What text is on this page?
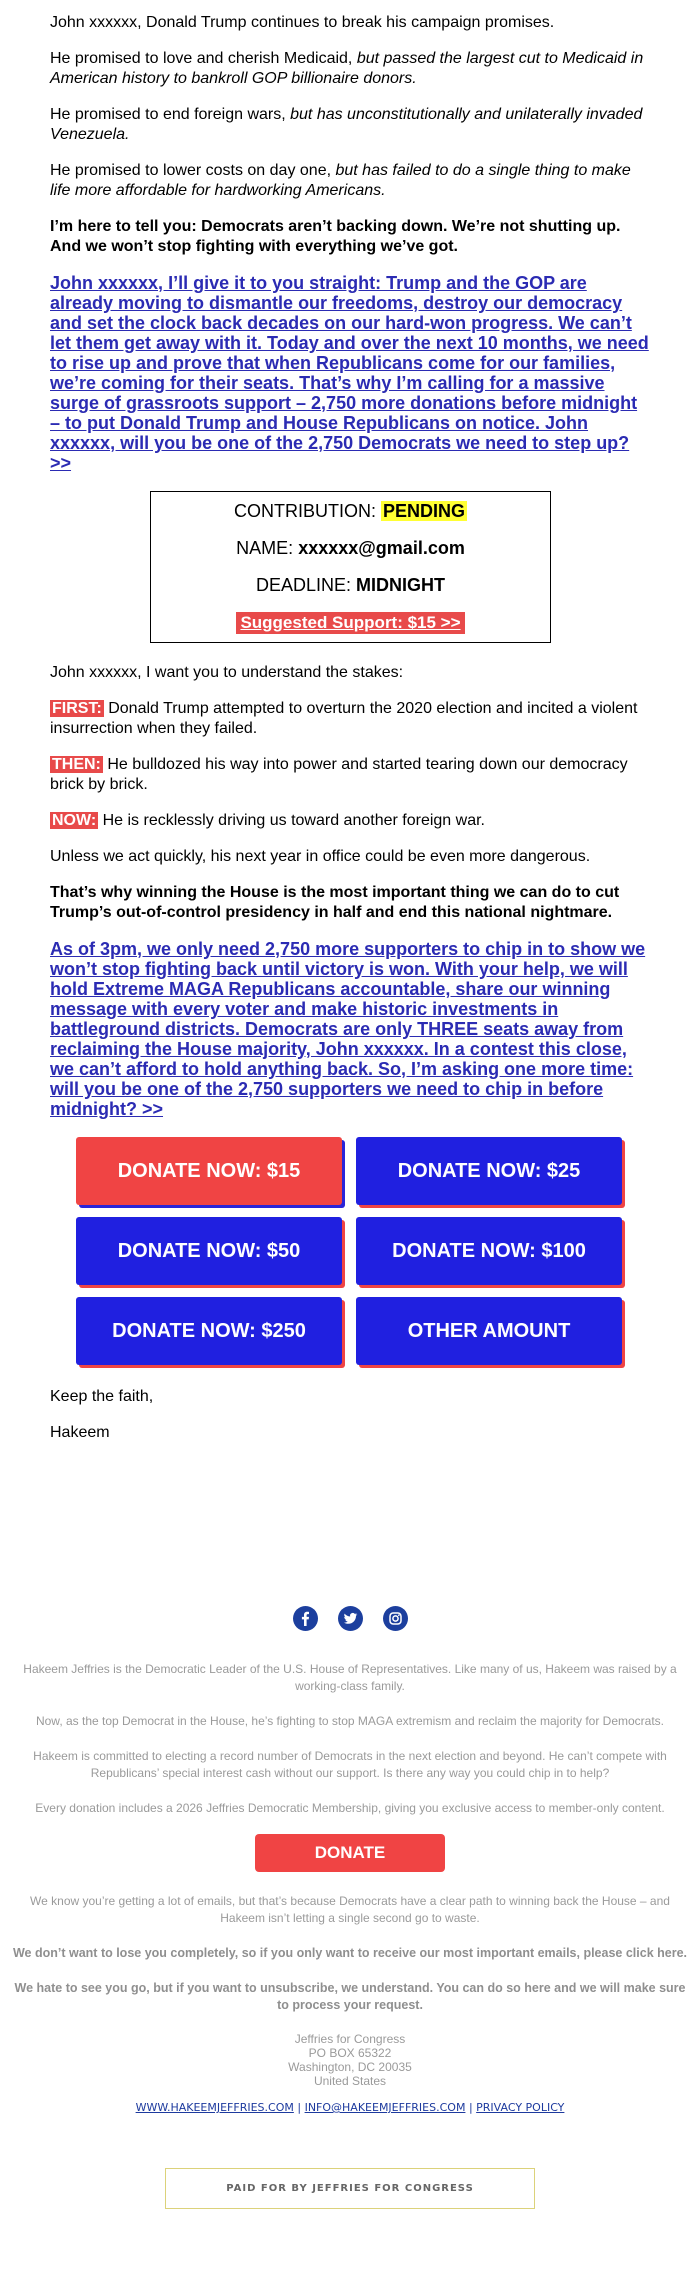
John xxxxxx, Donald Trump continues to break his campaign promises.

He promised to love and cherish Medicaid, but passed the largest cut to Medicaid in American history to bankroll GOP billionaire donors.

He promised to end foreign wars, but has unconstitutionally and unilaterally invaded Venezuela.

He promised to lower costs on day one, but has failed to do a single thing to make life more affordable for hardworking Americans.

I’m here to tell you: Democrats aren’t backing down. We’re not shutting up. And we won’t stop fighting with everything we’ve got.

John xxxxxx, I’ll give it to you straight: Trump and the GOP are already moving to dismantle our freedoms, destroy our democracy and set the clock back decades on our hard-won progress. We can’t let them get away with it. Today and over the next 10 months, we need to rise up and prove that when Republicans come for our families, we’re coming for their seats. That’s why I’m calling for a massive surge of grassroots support – 2,750 more donations before midnight – to put Donald Trump and House Republicans on notice. John xxxxxx, will you be one of the 2,750 Democrats we need to step up? >>
CONTRIBUTION: PENDING
NAME: xxxxxx@gmail.com
DEADLINE: MIDNIGHT
Suggested Support: $15 >>

John xxxxxx, I want you to understand the stakes:

FIRST: Donald Trump attempted to overturn the 2020 election and incited a violent insurrection when they failed.

THEN: He bulldozed his way into power and started tearing down our democracy brick by brick.

NOW: He is recklessly driving us toward another foreign war.

Unless we act quickly, his next year in office could be even more dangerous.

That’s why winning the House is the most important thing we can do to cut Trump’s out-of-control presidency in half and end this national nightmare.

As of 3pm, we only need 2,750 more supporters to chip in to show we won’t stop fighting back until victory is won. With your help, we will hold Extreme MAGA Republicans accountable, share our winning message with every voter and make historic investments in battleground districts. Democrats are only THREE seats away from reclaiming the House majority, John xxxxxx. In a contest this close, we can’t afford to hold anything back. So, I’m asking one more time: will you be one of the 2,750 supporters we need to chip in before midnight? >>
DONATE NOW: $15	DONATE NOW: $25
DONATE NOW: $50	DONATE NOW: $100
DONATE NOW: $250	OTHER AMOUNT

Keep the faith,

Hakeem

Hakeem Jeffries is the Democratic Leader of the U.S. House of Representatives. Like many of us, Hakeem was raised by a working-class family.

Now, as the top Democrat in the House, he’s fighting to stop MAGA extremism and reclaim the majority for Democrats.

Hakeem is committed to electing a record number of Democrats in the next election and beyond. He can’t compete with Republicans’ special interest cash without our support. Is there any way you could chip in to help?

Every donation includes a 2026 Jeffries Democratic Membership, giving you exclusive access to member-only content.

DONATE

We know you’re getting a lot of emails, but that’s because Democrats have a clear path to winning back the House – and Hakeem isn’t letting a single second go to waste.

We don’t want to lose you completely, so if you only want to receive our most important emails, please click here.

We hate to see you go, but if you want to unsubscribe, we understand. You can do so here and we will make sure to process your request.

Jeffries for Congress
PO BOX 65322
Washington, DC 20035
United States
WWW.HAKEEMJEFFRIES.COM | INFO@HAKEEMJEFFRIES.COM | PRIVACY POLICY
PAID FOR BY JEFFRIES FOR CONGRESS
